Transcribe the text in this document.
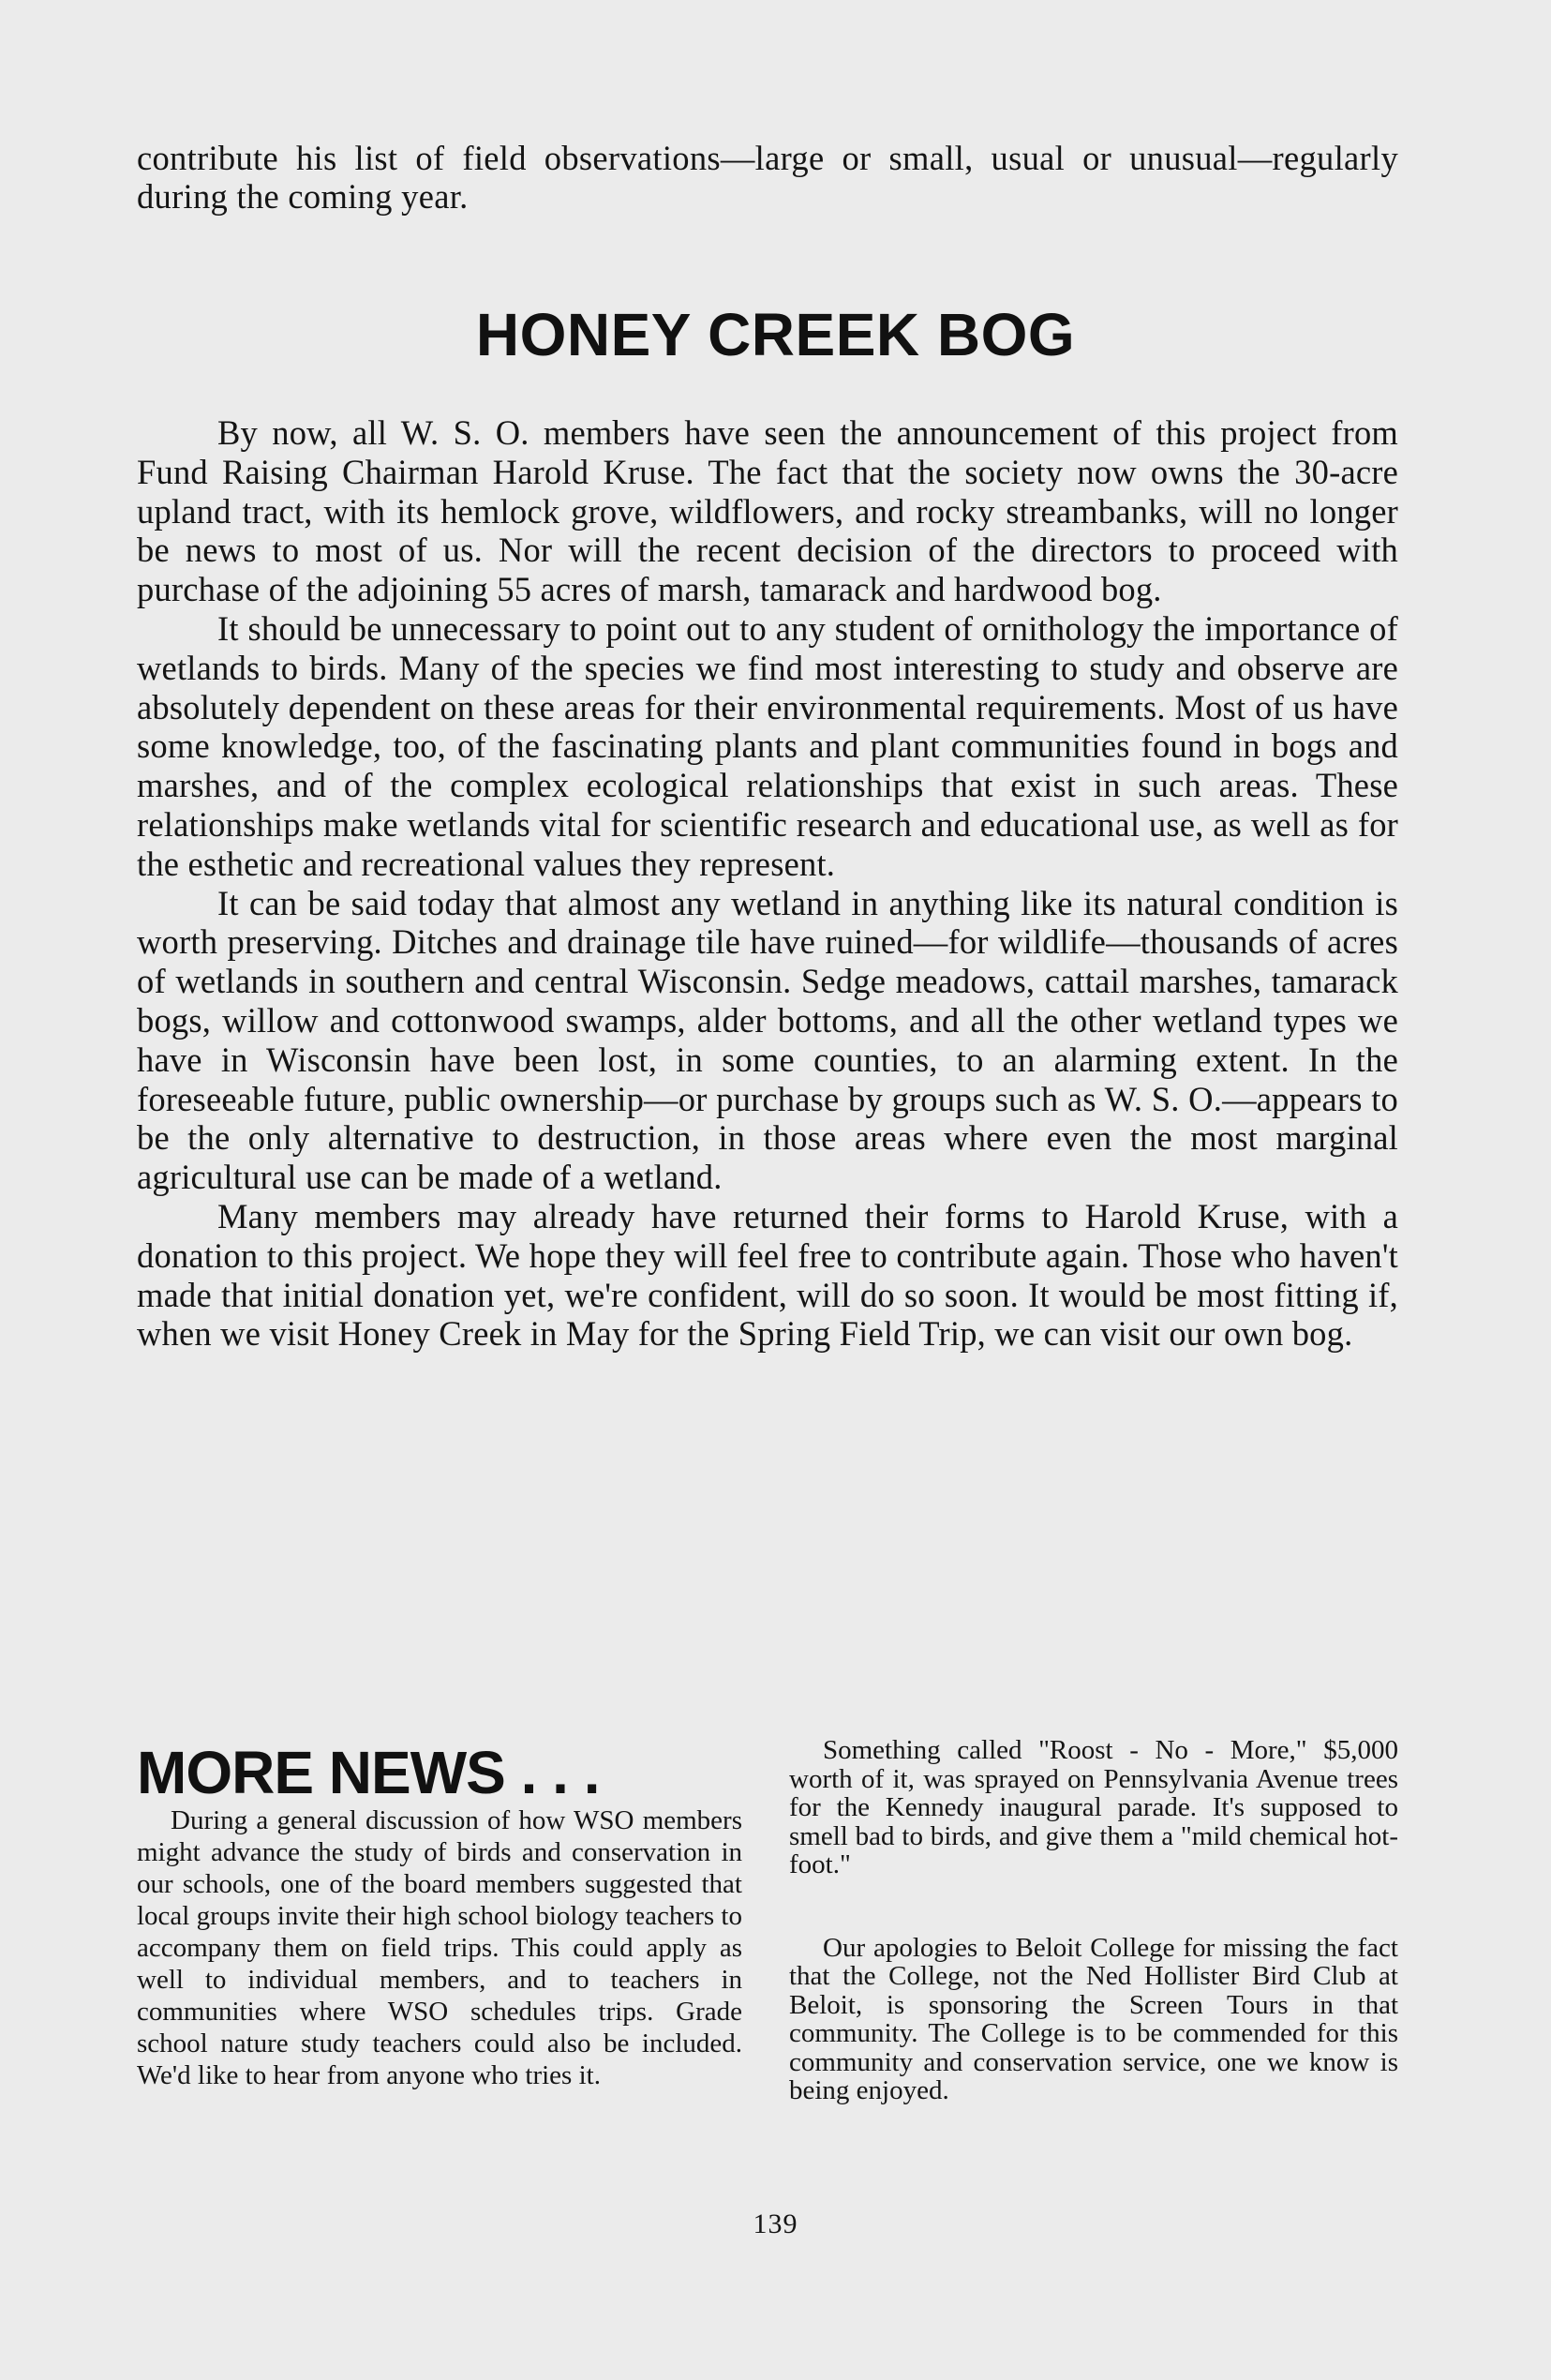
contribute his list of field observations—large or small, usual or unusual—regularly during the coming year.
HONEY CREEK BOG

By now, all W. S. O. members have seen the announcement of this project from Fund Raising Chairman Harold Kruse. The fact that the society now owns the 30-acre upland tract, with its hemlock grove, wildflowers, and rocky streambanks, will no longer be news to most of us. Nor will the recent decision of the directors to proceed with purchase of the adjoining 55 acres of marsh, tamarack and hardwood bog.

It should be unnecessary to point out to any student of ornithology the importance of wetlands to birds. Many of the species we find most interesting to study and observe are absolutely dependent on these areas for their environmental requirements. Most of us have some knowledge, too, of the fascinating plants and plant communities found in bogs and marshes, and of the complex ecological relationships that exist in such areas. These relationships make wetlands vital for scientific research and educational use, as well as for the esthetic and recreational values they represent.

It can be said today that almost any wetland in anything like its natural condition is worth preserving. Ditches and drainage tile have ruined—for wildlife—thousands of acres of wetlands in southern and central Wisconsin. Sedge meadows, cattail marshes, tamarack bogs, willow and cottonwood swamps, alder bottoms, and all the other wetland types we have in Wisconsin have been lost, in some counties, to an alarming extent. In the foreseeable future, public ownership—or purchase by groups such as W. S. O.—appears to be the only alternative to destruction, in those areas where even the most marginal agricultural use can be made of a wetland.

Many members may already have returned their forms to Harold Kruse, with a donation to this project. We hope they will feel free to contribute again. Those who haven't made that initial donation yet, we're confident, will do so soon. It would be most fitting if, when we visit Honey Creek in May for the Spring Field Trip, we can visit our own bog.

MORE NEWS . . .

During a general discussion of how WSO members might advance the study of birds and conservation in our schools, one of the board members suggested that local groups invite their high school biology teachers to accompany them on field trips. This could apply as well to individual members, and to teachers in communities where WSO schedules trips. Grade school nature study teachers could also be included. We'd like to hear from anyone who tries it.

Something called "Roost - No - More," $5,000 worth of it, was sprayed on Pennsylvania Avenue trees for the Kennedy inaugural parade. It's supposed to smell bad to birds, and give them a "mild chemical hot-foot."

Our apologies to Beloit College for missing the fact that the College, not the Ned Hollister Bird Club at Beloit, is sponsoring the Screen Tours in that community. The College is to be commended for this community and conservation service, one we know is being enjoyed.

139
